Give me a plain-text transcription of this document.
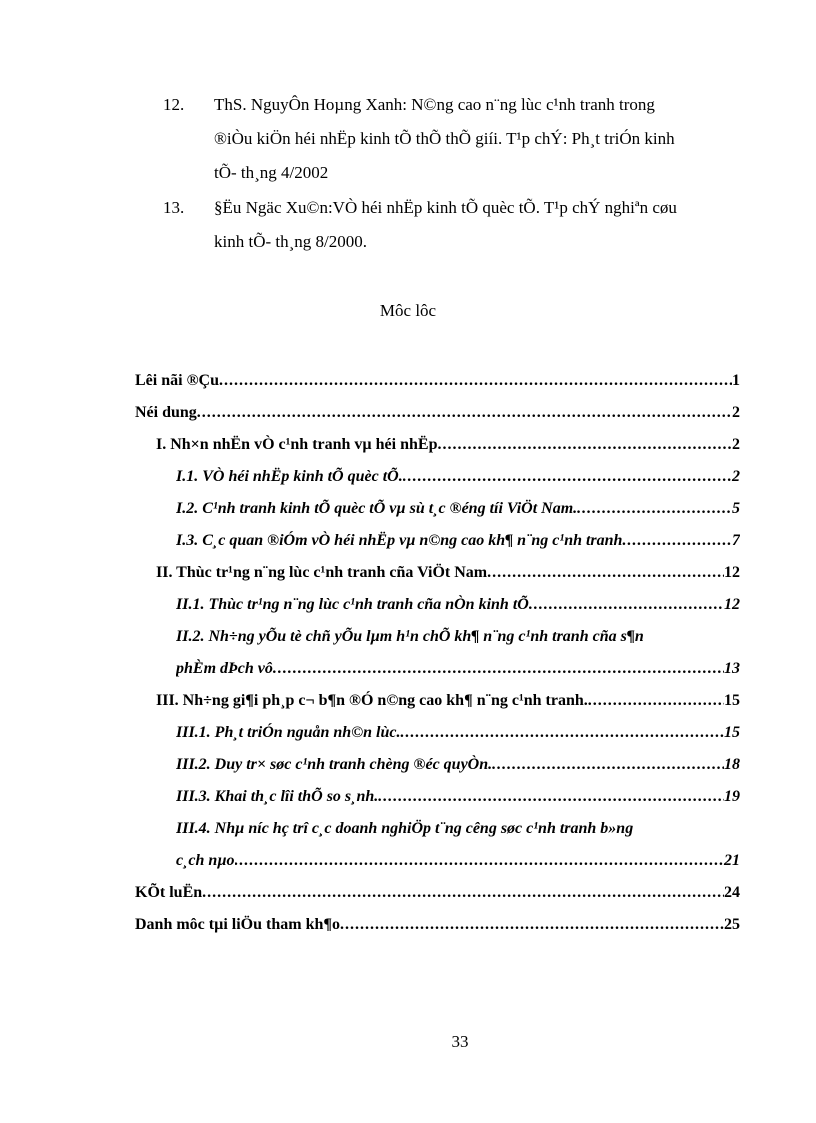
12. ThS. NguyÔn Hoµng Xanh: N©ng cao n¨ng lùc c¹nh tranh trong
®iÒu kiÖn héi nhËp kinh tÕ thÕ thÕ giíi. T¹p chÝ: Ph¸t triÓn kinh
tÕ- th¸ng 4/2002
13. §Ëu Ngäc Xu©n:VÒ héi nhËp kinh tÕ quèc tÕ. T¹p chÝ nghiªn cøu
kinh tÕ- th¸ng 8/2000.
Môc lôc
Lêi nãi ®Çu .....	1
Néi dung .....	2
I. Nh×n nhËn vÒ c¹nh tranh vµ héi nhËp .....	2
I.1. VÒ héi nhËp kinh tÕ quèc tÕ. .....	2
I.2. C¹nh tranh kinh tÕ quèc tÕ vµ sù t¸c ®éng tíi ViÖt Nam. .....	5
I.3. C¸c quan ®iÓm vÒ héi nhËp vµ n©ng cao kh¶ n¨ng c¹nh tranh .....	7
II. Thùc tr¹ng n¨ng lùc c¹nh tranh cña ViÖt Nam .....	12
II.1. Thùc tr¹ng n¨ng lùc c¹nh tranh cña nÒn kinh tÕ .....	12
II.2. Nh÷ng yÕu tè chñ yÕu lµm h¹n chÕ kh¶ n¨ng c¹nh tranh cña s¶n
phÈm dÞch vô .....	13
III. Nh÷ng gi¶i ph¸p c¬ b¶n ®Ó n©ng cao kh¶ n¨ng c¹nh tranh. .....	15
III.1. Ph¸t triÓn nguån nh©n lùc. .....	15
III.2. Duy tr× søc c¹nh tranh chèng ®éc quyÒn. .....	18
III.3. Khai th¸c lîi thÕ so s¸nh. .....	19
III.4. Nhµ níc hç trî c¸c doanh nghiÖp t¨ng cêng søc c¹nh tranh b»ng
c¸ch nµo .....	21
KÕt luËn .....	24
Danh môc tµi liÖu tham kh¶o .....	25
33
